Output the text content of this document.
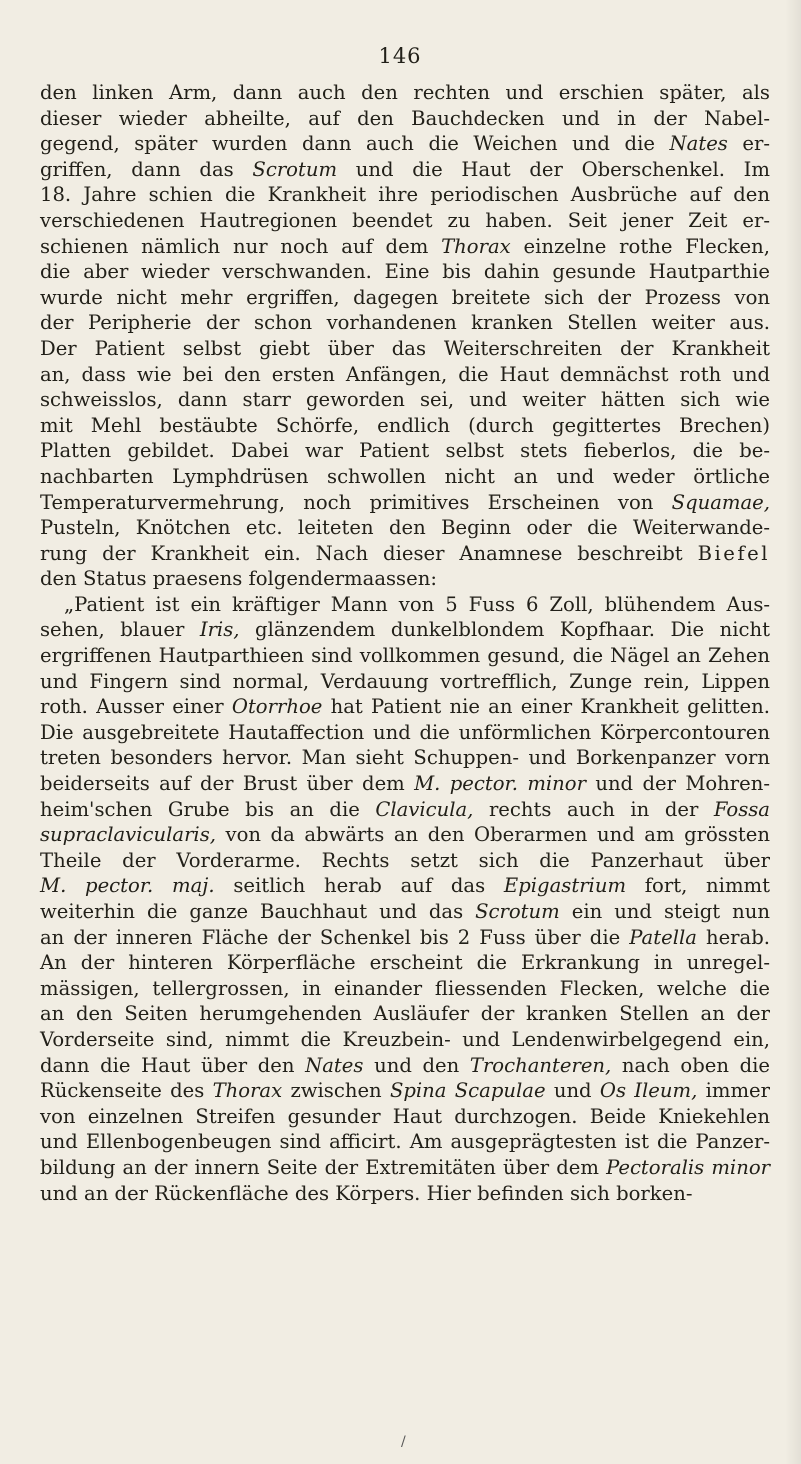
146
den linken Arm, dann auch den rechten und erschien später, als
dieser wieder abheilte, auf den Bauchdecken und in der Nabel-
gegend, später wurden dann auch die Weichen und die Nates er-
griffen, dann das Scrotum und die Haut der Oberschenkel. Im
18. Jahre schien die Krankheit ihre periodischen Ausbrüche auf den
verschiedenen Hautregionen beendet zu haben. Seit jener Zeit er-
schienen nämlich nur noch auf dem Thorax einzelne rothe Flecken,
die aber wieder verschwanden. Eine bis dahin gesunde Hautparthie
wurde nicht mehr ergriffen, dagegen breitete sich der Prozess von
der Peripherie der schon vorhandenen kranken Stellen weiter aus.
Der Patient selbst giebt über das Weiterschreiten der Krankheit
an, dass wie bei den ersten Anfängen, die Haut demnächst roth und
schweisslos, dann starr geworden sei, und weiter hätten sich wie
mit Mehl bestäubte Schörfe, endlich (durch gegittertes Brechen)
Platten gebildet. Dabei war Patient selbst stets fieberlos, die be-
nachbarten Lymphdrüsen schwollen nicht an und weder örtliche
Temperaturvermehrung, noch primitives Erscheinen von Squamae,
Pusteln, Knötchen etc. leiteten den Beginn oder die Weiterwande-
rung der Krankheit ein. Nach dieser Anamnese beschreibt Biefel
den Status praesens folgendermaassen:
„Patient ist ein kräftiger Mann von 5 Fuss 6 Zoll, blühendem Aus-
sehen, blauer Iris, glänzendem dunkelblondem Kopfhaar. Die nicht
ergriffenen Hautparthieen sind vollkommen gesund, die Nägel an Zehen
und Fingern sind normal, Verdauung vortrefflich, Zunge rein, Lippen
roth. Ausser einer Otorrhoe hat Patient nie an einer Krankheit gelitten.
Die ausgebreitete Hautaffection und die unförmlichen Körpercontouren
treten besonders hervor. Man sieht Schuppen- und Borkenpanzer vorn
beiderseits auf der Brust über dem M. pector. minor und der Mohren-
heim'schen Grube bis an die Clavicula, rechts auch in der Fossa
supraclavicularis, von da abwärts an den Oberarmen und am grössten
Theile der Vorderarme. Rechts setzt sich die Panzerhaut über
M. pector. maj. seitlich herab auf das Epigastrium fort, nimmt
weiterhin die ganze Bauchhaut und das Scrotum ein und steigt nun
an der inneren Fläche der Schenkel bis 2 Fuss über die Patella herab.
An der hinteren Körperfläche erscheint die Erkrankung in unregel-
mässigen, tellergrossen, in einander fliessenden Flecken, welche die
an den Seiten herumgehenden Ausläufer der kranken Stellen an der
Vorderseite sind, nimmt die Kreuzbein- und Lendenwirbelgegend ein,
dann die Haut über den Nates und den Trochanteren, nach oben die
Rückenseite des Thorax zwischen Spina Scapulae und Os Ileum, immer
von einzelnen Streifen gesunder Haut durchzogen. Beide Kniekehlen
und Ellenbogenbeugen sind afficirt. Am ausgeprägtesten ist die Panzer-
bildung an der innern Seite der Extremitäten über dem Pectoralis minor
und an der Rückenfläche des Körpers. Hier befinden sich borken-
/
